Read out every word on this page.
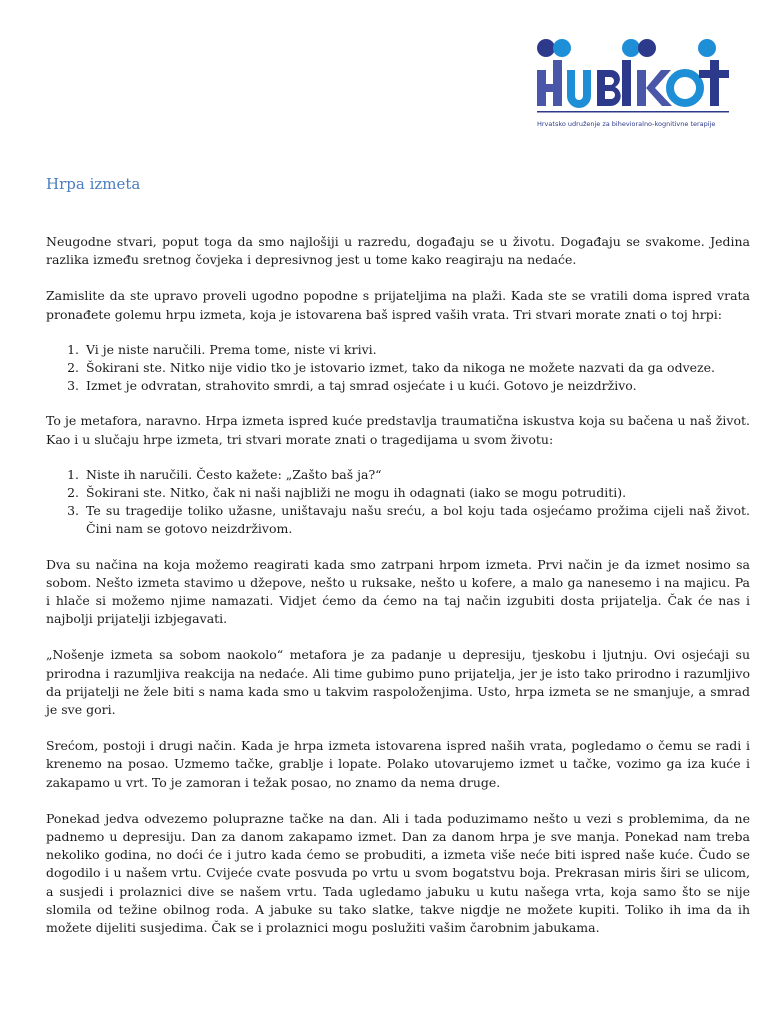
Hrvatsko udruženje za bihevioralno-kognitivne terapije
Hrpa izmeta

Neugodne stvari, poput toga da smo najlošiji u razredu, događaju se u životu. Događaju se svakome. Jedina razlika između sretnog čovjeka i depresivnog jest u tome kako reagiraju na nedaće.

Zamislite da ste upravo proveli ugodno popodne s prijateljima na plaži. Kada ste se vratili doma ispred vrata pronađete golemu hrpu izmeta, koja je istovarena baš ispred vaših vrata. Tri stvari morate znati o toj hrpi:

1. Vi je niste naručili. Prema tome, niste vi krivi.
2. Šokirani ste. Nitko nije vidio tko je istovario izmet, tako da nikoga ne možete nazvati da ga odveze.
3. Izmet je odvratan, strahovito smrdi, a taj smrad osjećate i u kući. Gotovo je neizdrživo.

To je metafora, naravno. Hrpa izmeta ispred kuće predstavlja traumatična iskustva koja su bačena u naš život. Kao i u slučaju hrpe izmeta, tri stvari morate znati o tragedijama u svom životu:

1. Niste ih naručili. Često kažete: „Zašto baš ja?“
2. Šokirani ste. Nitko, čak ni naši najbliži ne mogu ih odagnati (iako se mogu potruditi).
3. Te su tragedije toliko užasne, uništavaju našu sreću, a bol koju tada osjećamo prožima cijeli naš život. Čini nam se gotovo neizdrživom.

Dva su načina na koja možemo reagirati kada smo zatrpani hrpom izmeta. Prvi način je da izmet nosimo sa sobom. Nešto izmeta stavimo u džepove, nešto u ruksake, nešto u kofere, a malo ga nanesemo i na majicu. Pa i hlače si možemo njime namazati. Vidjet ćemo da ćemo na taj način izgubiti dosta prijatelja. Čak će nas i najbolji prijatelji izbjegavati.

„Nošenje izmeta sa sobom naokolo“ metafora je za padanje u depresiju, tjeskobu i ljutnju. Ovi osjećaji su prirodna i razumljiva reakcija na nedaće. Ali time gubimo puno prijatelja, jer je isto tako prirodno i razumljivo da prijatelji ne žele biti s nama kada smo u takvim raspoloženjima. Usto, hrpa izmeta se ne smanjuje, a smrad je sve gori.

Srećom, postoji i drugi način. Kada je hrpa izmeta istovarena ispred naših vrata, pogledamo o čemu se radi i krenemo na posao. Uzmemo tačke, grablje i lopate. Polako utovarujemo izmet u tačke, vozimo ga iza kuće i zakapamo u vrt. To je zamoran i težak posao, no znamo da nema druge.

Ponekad jedva odvezemo poluprazne tačke na dan. Ali i tada poduzimamo nešto u vezi s problemima, da ne padnemo u depresiju. Dan za danom zakapamo izmet. Dan za danom hrpa je sve manja. Ponekad nam treba nekoliko godina, no doći će i jutro kada ćemo se probuditi, a izmeta više neće biti ispred naše kuće. Čudo se dogodilo i u našem vrtu. Cvijeće cvate posvuda po vrtu u svom bogatstvu boja. Prekrasan miris širi se ulicom, a susjedi i prolaznici dive se našem vrtu. Tada ugledamo jabuku u kutu našega vrta, koja samo što se nije slomila od težine obilnog roda. A jabuke su tako slatke, takve nigdje ne možete kupiti. Toliko ih ima da ih možete dijeliti susjedima. Čak se i prolaznici mogu poslužiti vašim čarobnim jabukama.
